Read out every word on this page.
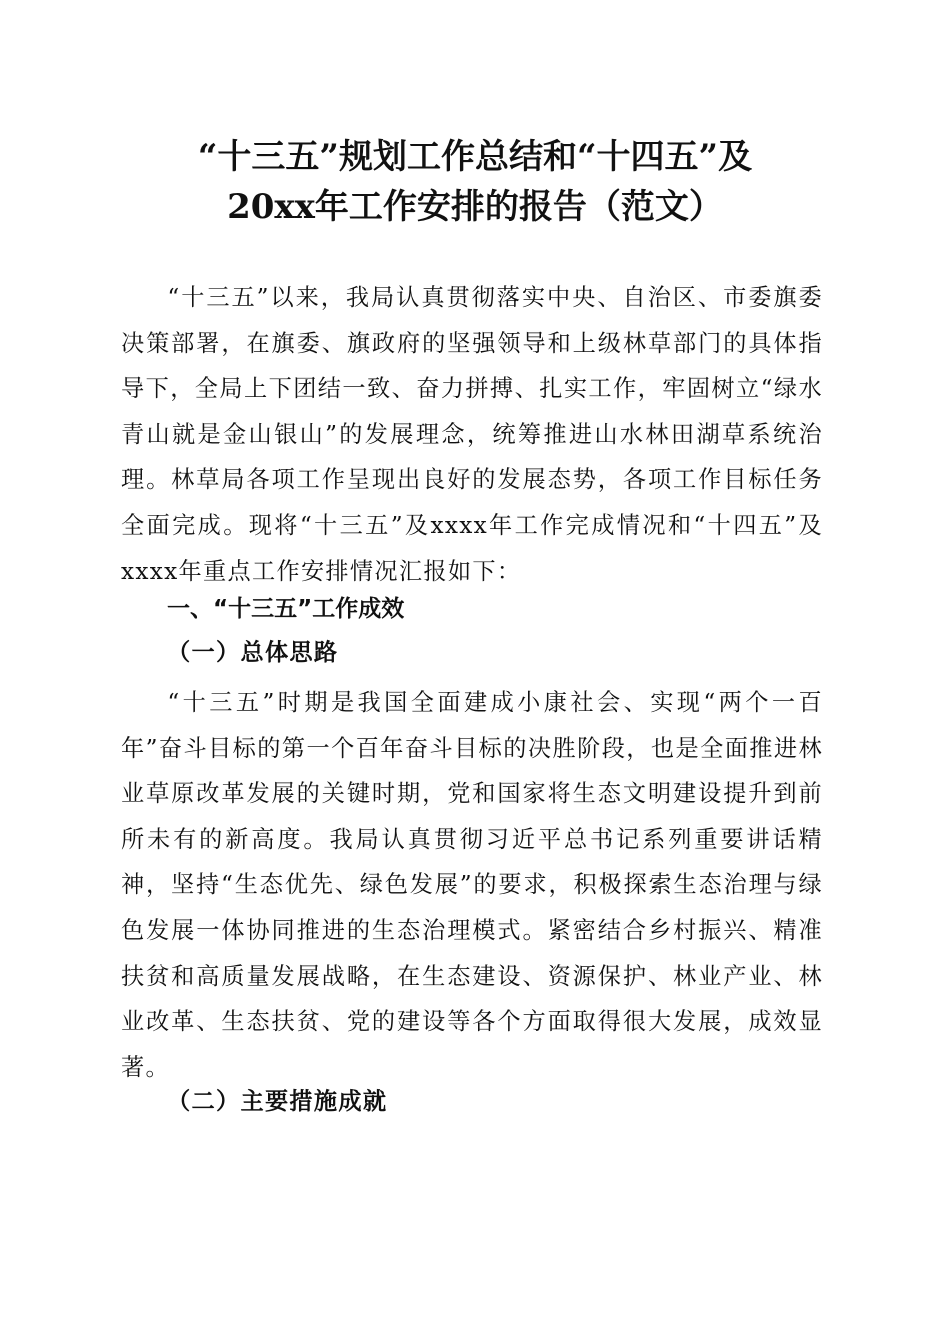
“十三五”规划工作总结和“十四五”及
20xx年工作安排的报告（范文）

“十三五”以来，我局认真贯彻落实中央、自治区、市委旗委决策部署，在旗委、旗政府的坚强领导和上级林草部门的具体指导下，全局上下团结一致、奋力拼搏、扎实工作，牢固树立“绿水青山就是金山银山”的发展理念，统筹推进山水林田湖草系统治理。林草局各项工作呈现出良好的发展态势，各项工作目标任务全面完成。现将“十三五”及xxxx年工作完成情况和“十四五”及xxxx年重点工作安排情况汇报如下：

一、“十三五”工作成效
（一）总体思路

“十三五”时期是我国全面建成小康社会、实现“两个一百年”奋斗目标的第一个百年奋斗目标的决胜阶段，也是全面推进林业草原改革发展的关键时期，党和国家将生态文明建设提升到前所未有的新高度。我局认真贯彻习近平总书记系列重要讲话精神，坚持“生态优先、绿色发展”的要求，积极探索生态治理与绿色发展一体协同推进的生态治理模式。紧密结合乡村振兴、精准扶贫和高质量发展战略，在生态建设、资源保护、林业产业、林业改革、生态扶贫、党的建设等各个方面取得很大发展，成效显著。

（二）主要措施成就
